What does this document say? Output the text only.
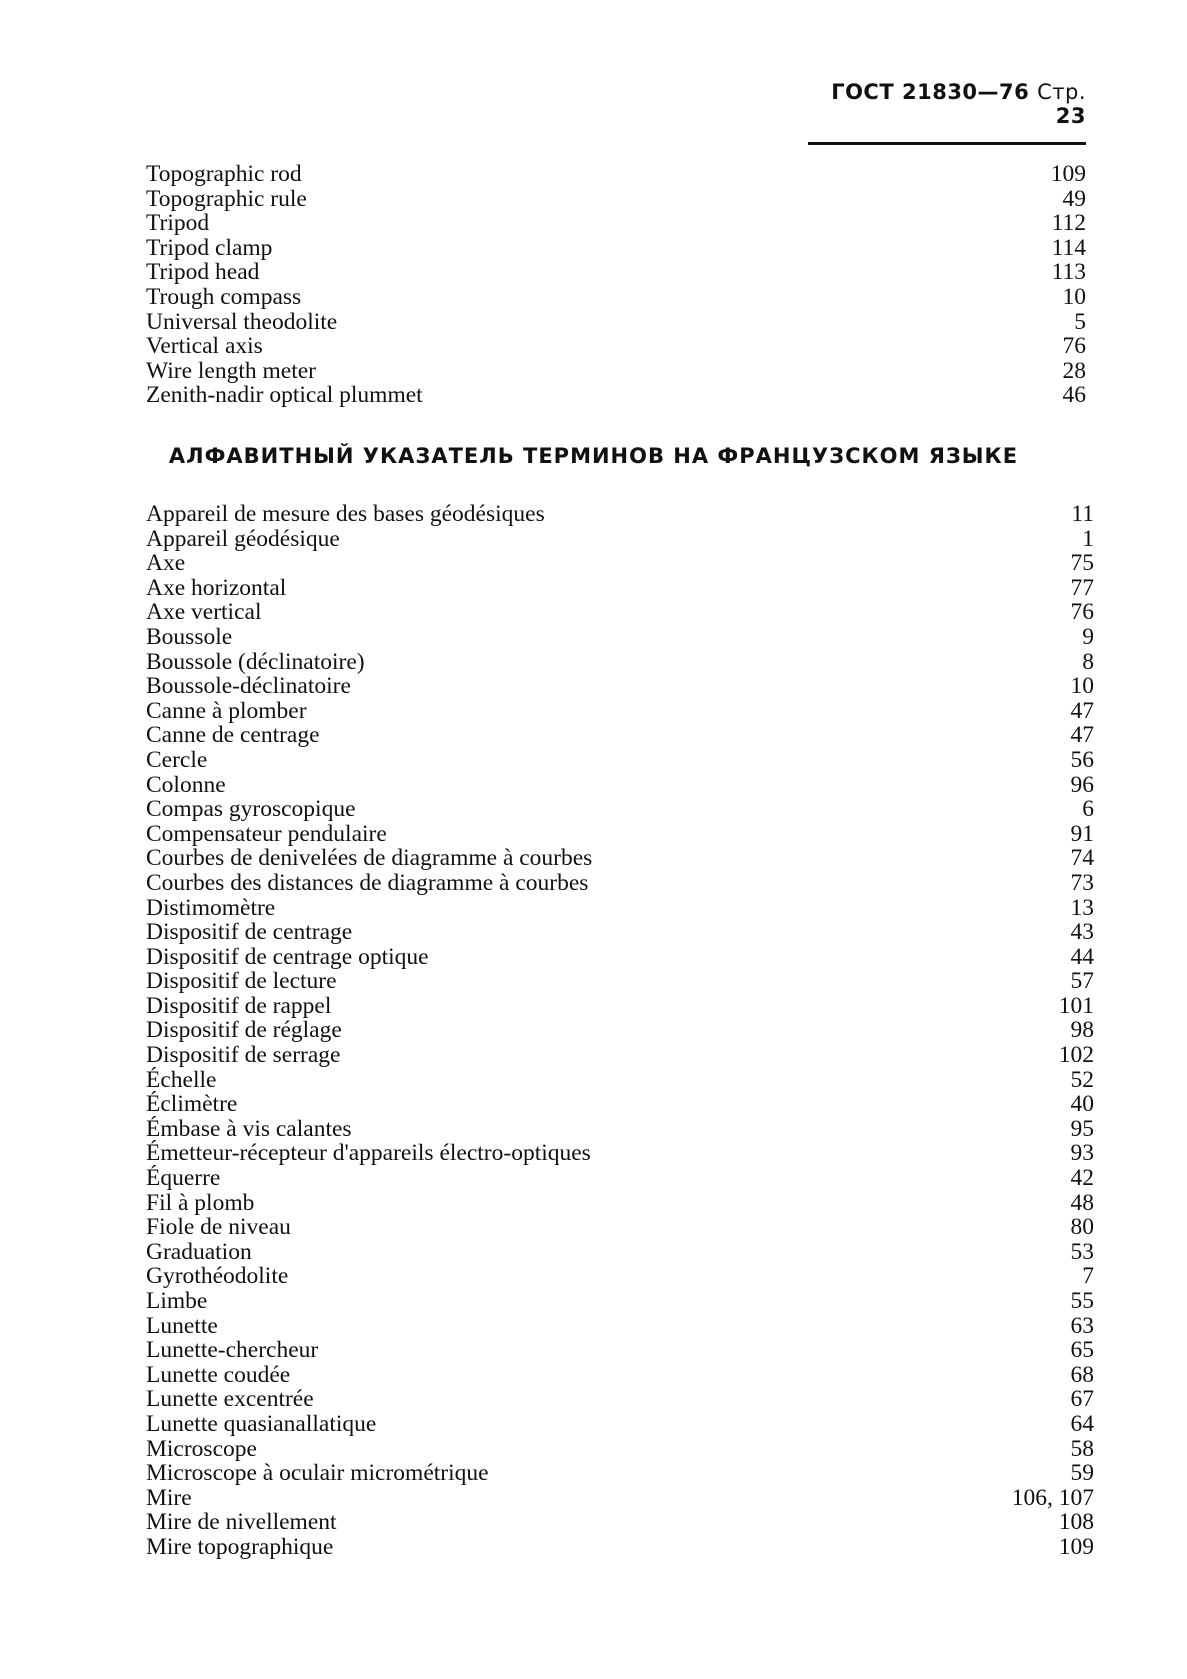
ГОСТ 21830—76 Стр. 23
Topographic rod	109
Topographic rule	49
Tripod	112
Tripod clamp	114
Tripod head	113
Trough compass	10
Universal theodolite	5
Vertical axis	76
Wire length meter	28
Zenith-nadir optical plummet	46
АЛФАВИТНЫЙ УКАЗАТЕЛЬ ТЕРМИНОВ НА ФРАНЦУЗСКОМ ЯЗЫКЕ
Appareil de mesure des bases géodésiques	11
Appareil géodésique	1
Axe	75
Axe horizontal	77
Axe vertical	76
Boussole	9
Boussole (déclinatoire)	8
Boussole-déclinatoire	10
Canne à plomber	47
Canne de centrage	47
Cercle	56
Colonne	96
Compas gyroscopique	6
Compensateur pendulaire	91
Courbes de denivelées de diagramme à courbes	74
Courbes des distances de diagramme à courbes	73
Distimomètre	13
Dispositif de centrage	43
Dispositif de centrage optique	44
Dispositif de lecture	57
Dispositif de rappel	101
Dispositif de réglage	98
Dispositif de serrage	102
Échelle	52
Éclimètre	40
Émbase à vis calantes	95
Émetteur-récepteur d'appareils électro-optiques	93
Équerre	42
Fil à plomb	48
Fiole de niveau	80
Graduation	53
Gyrothéodolite	7
Limbe	55
Lunette	63
Lunette-chercheur	65
Lunette coudée	68
Lunette excentrée	67
Lunette quasianallatique	64
Microscope	58
Microscope à oculair micrométrique	59
Mire	106, 107
Mire de nivellement	108
Mire topographique	109
